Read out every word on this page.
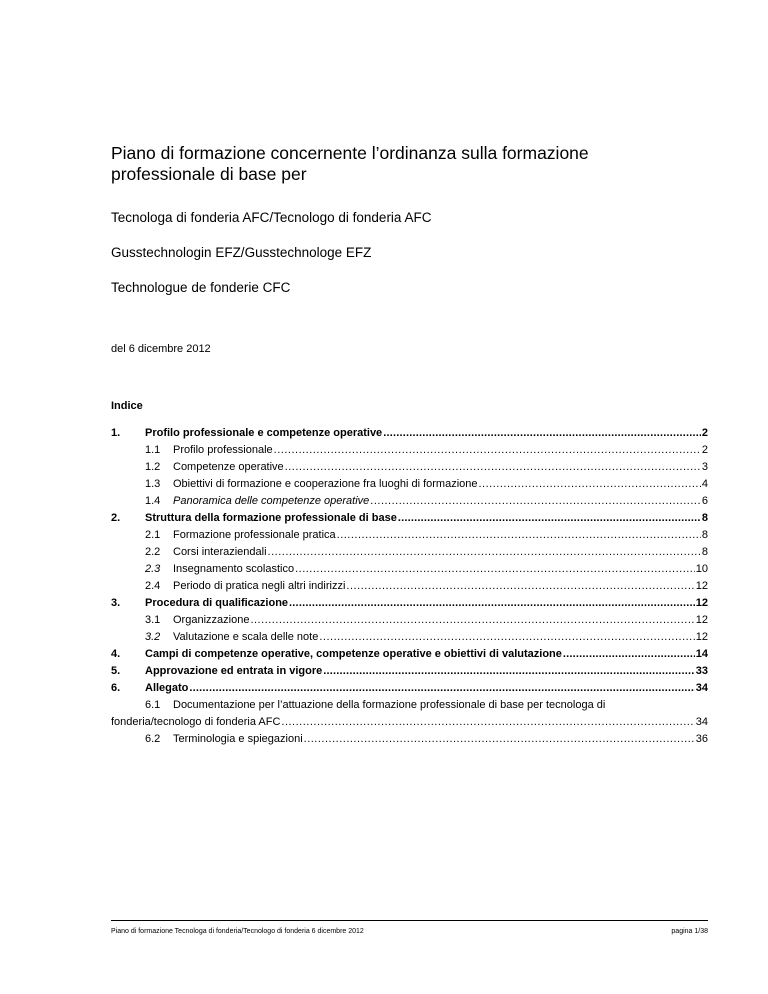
Piano di formazione concernente l’ordinanza sulla formazione professionale di base per

Tecnologa di fonderia AFC/Tecnologo di fonderia AFC

Gusstechnologin EFZ/Gusstechnologe EFZ

Technologue de fonderie CFC

del 6 dicembre 2012
Indice
1.	Profilo professionale e competenze operative .....	2
1.1	Profilo professionale .....	2
1.2	Competenze operative .....	3
1.3	Obiettivi di formazione e cooperazione fra luoghi di formazione .....	4
1.4	Panoramica delle competenze operative .....	6
2.	Struttura della formazione professionale di base .....	8
2.1	Formazione professionale pratica .....	8
2.2	Corsi interaziendali .....	8
2.3	Insegnamento scolastico .....	10
2.4	Periodo di pratica negli altri indirizzi .....	12
3.	Procedura di qualificazione .....	12
3.1	Organizzazione .....	12
3.2	Valutazione e scala delle note .....	12
4.	Campi di competenze operative, competenze operative e obiettivi di valutazione .....	14
5.	Approvazione ed entrata in vigore .....	33
6.	Allegato .....	34
6.1 Documentazione per l’attuazione della formazione professionale di base per tecnologa di
fonderia/tecnologo di fonderia AFC .....	34
6.2	Terminologia e spiegazioni .....	36
Piano di formazione Tecnologa di fonderia/Tecnologo di fonderia 6 dicembre 2012	pagina 1/38
